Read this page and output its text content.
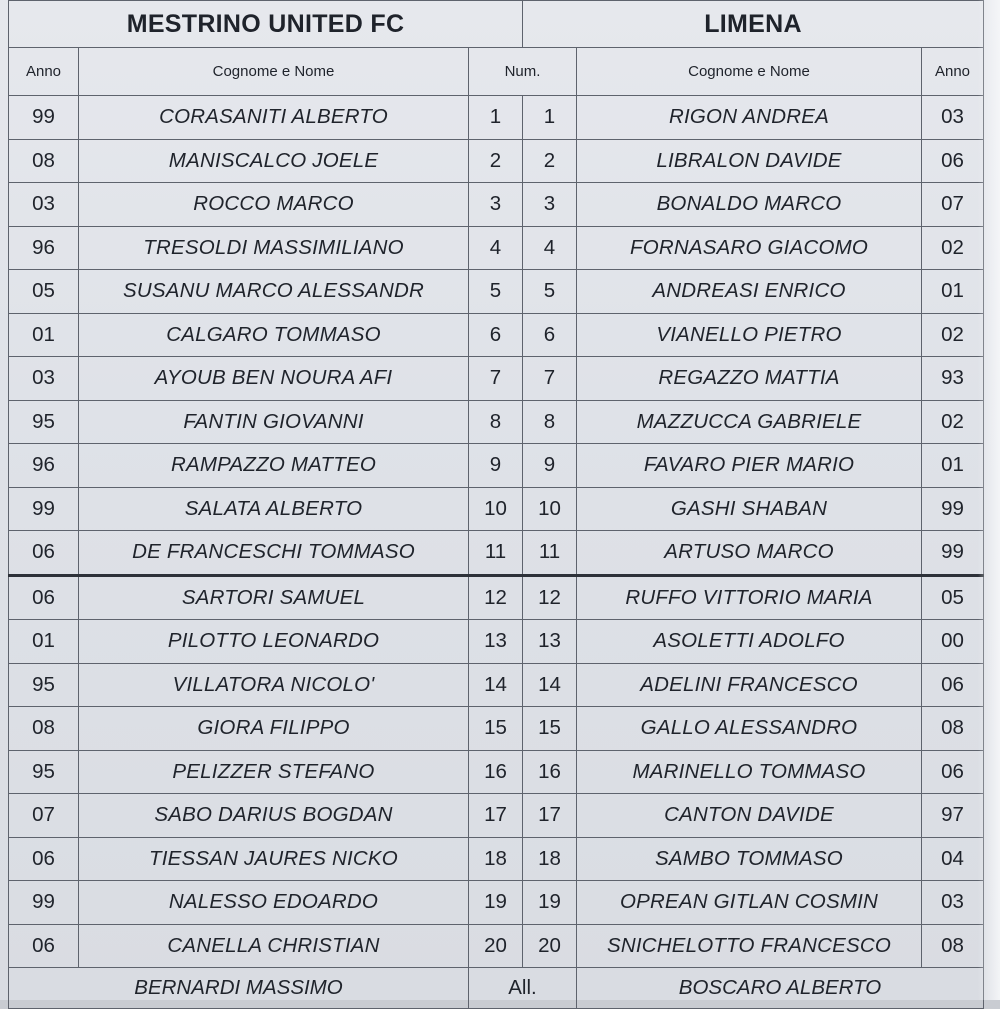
MESTRINO UNITED FC			LIMENA		
Anno	Cognome e Nome	Num.		Cognome e Nome	Anno
99	CORASANITI ALBERTO	1	1	RIGON ANDREA	03
08	MANISCALCO JOELE	2	2	LIBRALON DAVIDE	06
03	ROCCO MARCO	3	3	BONALDO MARCO	07
96	TRESOLDI MASSIMILIANO	4	4	FORNASARO GIACOMO	02
05	SUSANU MARCO ALESSANDR	5	5	ANDREASI ENRICO	01
01	CALGARO TOMMASO	6	6	VIANELLO PIETRO	02
03	AYOUB BEN NOURA AFI	7	7	REGAZZO MATTIA	93
95	FANTIN GIOVANNI	8	8	MAZZUCCA GABRIELE	02
96	RAMPAZZO MATTEO	9	9	FAVARO PIER MARIO	01
99	SALATA ALBERTO	10	10	GASHI SHABAN	99
06	DE FRANCESCHI TOMMASO	11	11	ARTUSO MARCO	99
06	SARTORI SAMUEL	12	12	RUFFO VITTORIO MARIA	05
01	PILOTTO LEONARDO	13	13	ASOLETTI ADOLFO	00
95	VILLATORA NICOLO'	14	14	ADELINI FRANCESCO	06
08	GIORA FILIPPO	15	15	GALLO ALESSANDRO	08
95	PELIZZER STEFANO	16	16	MARINELLO TOMMASO	06
07	SABO DARIUS BOGDAN	17	17	CANTON DAVIDE	97
06	TIESSAN JAURES NICKO	18	18	SAMBO TOMMASO	04
99	NALESSO EDOARDO	19	19	OPREAN GITLAN COSMIN	03
06	CANELLA CHRISTIAN	20	20	SNICHELOTTO FRANCESCO	08
BERNARDI MASSIMO		All.		BOSCARO ALBERTO	
